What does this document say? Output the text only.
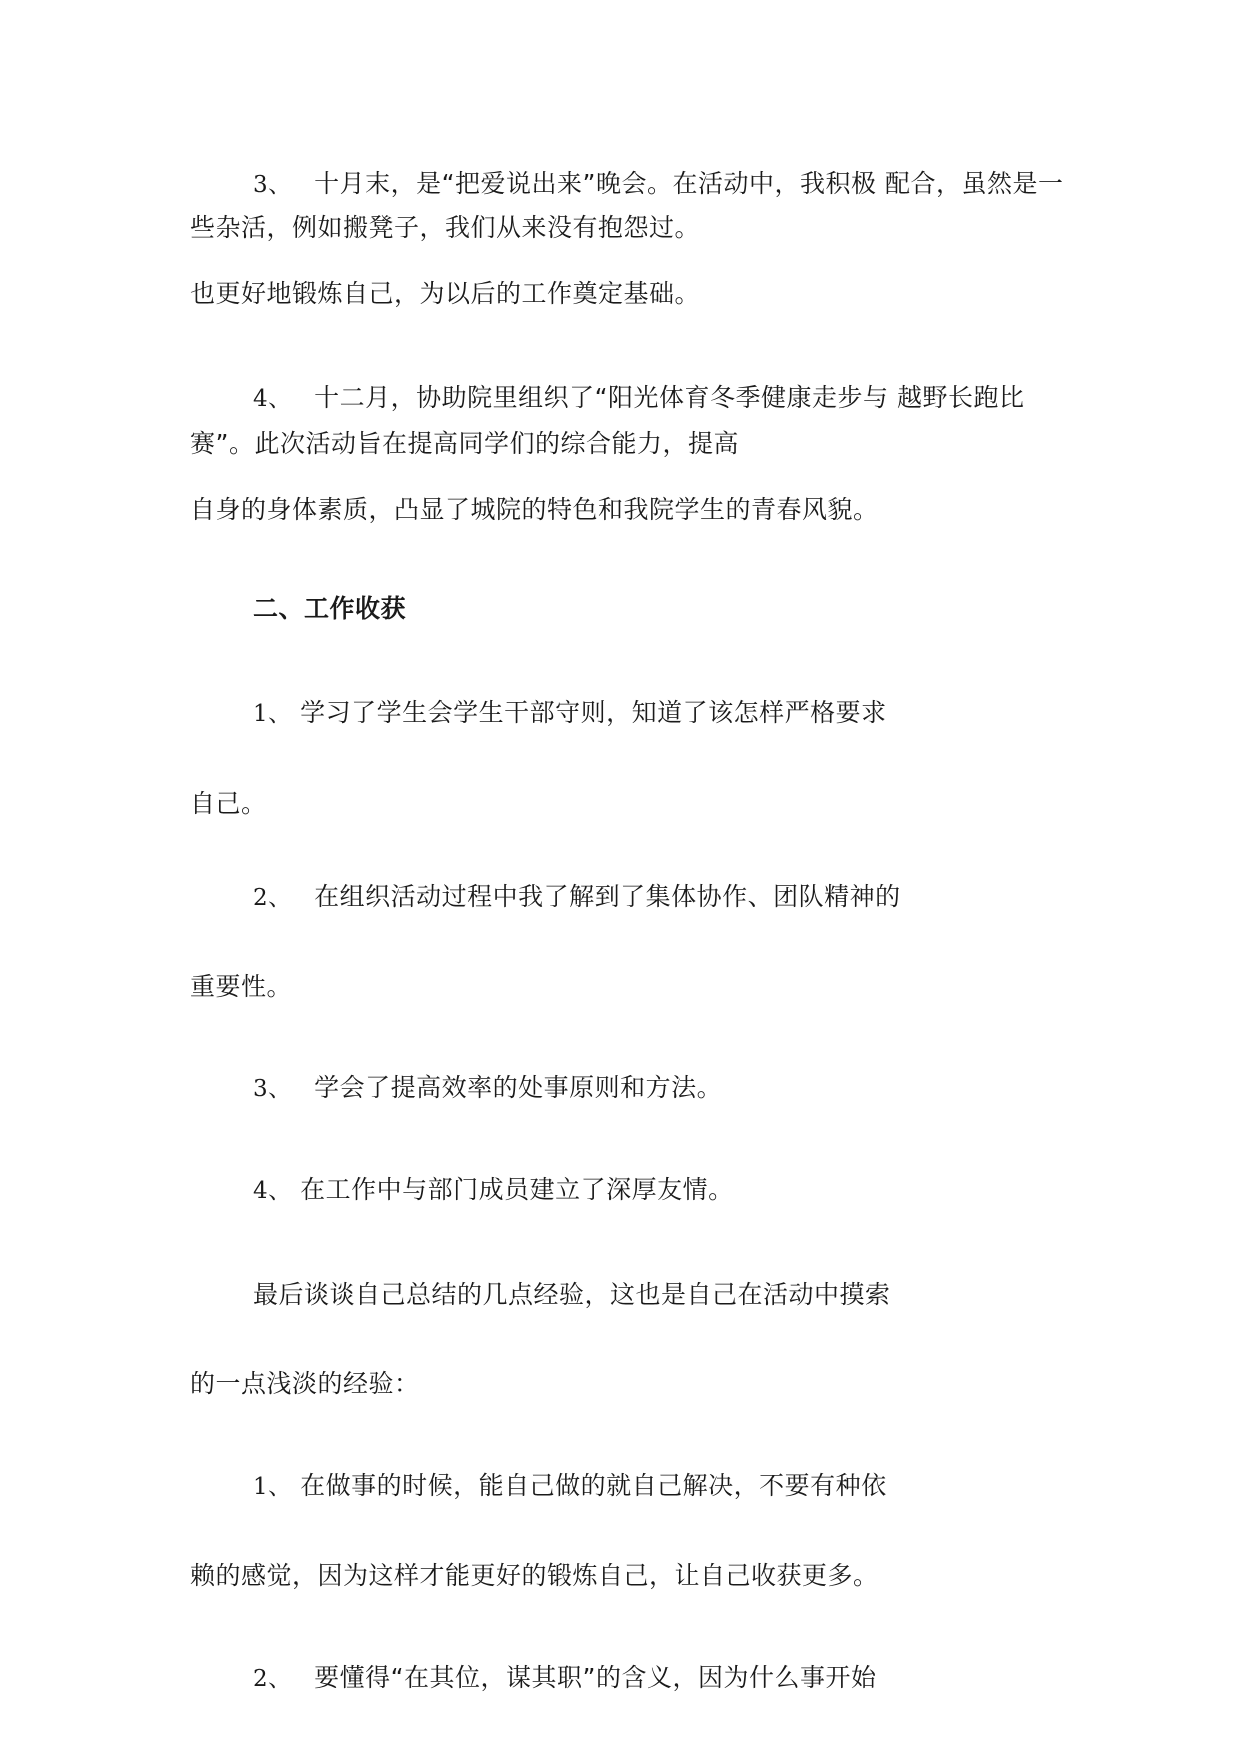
3、 十月末，是“把爱说出来”晚会。在活动中，我积极 配合，虽然是一
些杂活，例如搬凳子，我们从来没有抱怨过。
也更好地锻炼自己，为以后的工作奠定基础。
4、 十二月，协助院里组织了“阳光体育冬季健康走步与 越野长跑比
赛”。此次活动旨在提高同学们的综合能力，提高
自身的身体素质，凸显了城院的特色和我院学生的青春风貌。
二、工作收获
1、 学习了学生会学生干部守则，知道了该怎样严格要求
自己。
2、 在组织活动过程中我了解到了集体协作、团队精神的
重要性。
3、 学会了提高效率的处事原则和方法。
4、 在工作中与部门成员建立了深厚友情。
最后谈谈自己总结的几点经验，这也是自己在活动中摸索
的一点浅淡的经验：
1、 在做事的时候，能自己做的就自己解决，不要有种依
赖的感觉，因为这样才能更好的锻炼自己，让自己收获更多。
2、 要懂得“在其位，谋其职”的含义，因为什么事开始
